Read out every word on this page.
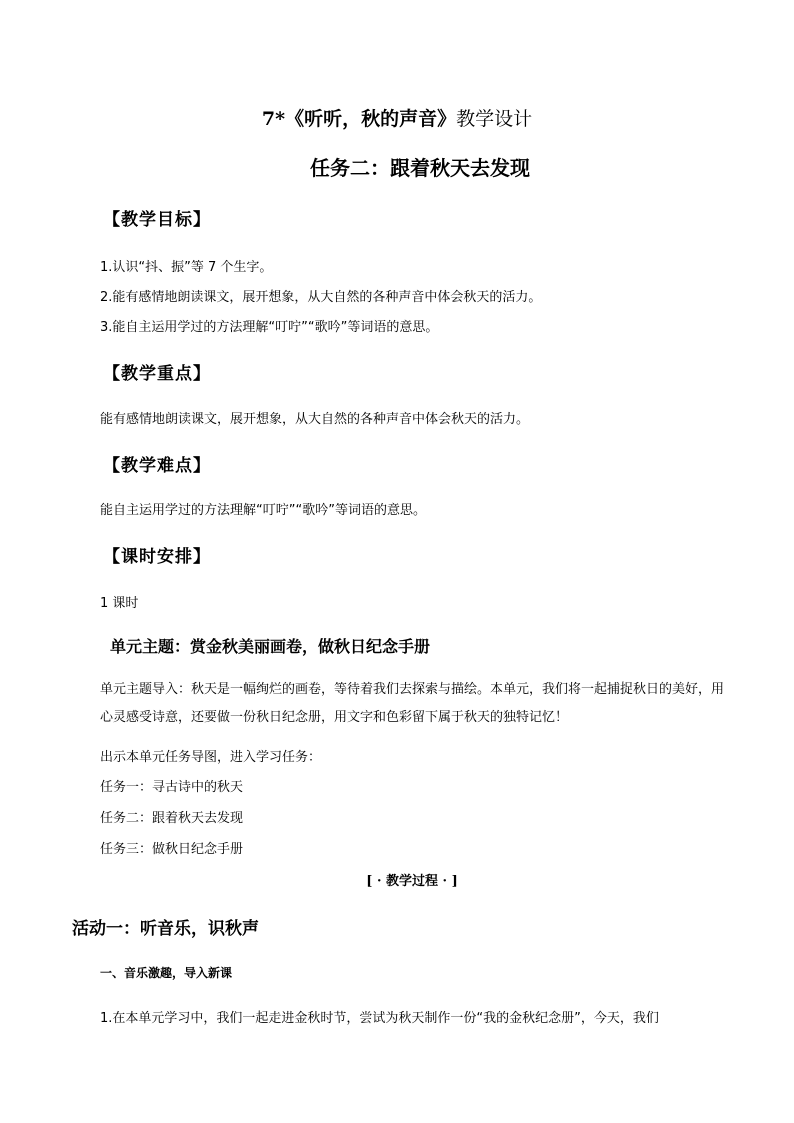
7*《听听，秋的声音》教学设计
任务二：跟着秋天去发现
【教学目标】
1.认识“抖、振”等 7 个生字。
2.能有感情地朗读课文，展开想象，从大自然的各种声音中体会秋天的活力。
3.能自主运用学过的方法理解“叮咛”“歌吟”等词语的意思。
【教学重点】
能有感情地朗读课文，展开想象，从大自然的各种声音中体会秋天的活力。
【教学难点】
能自主运用学过的方法理解“叮咛”“歌吟”等词语的意思。
【课时安排】
1 课时
单元主题：赏金秋美丽画卷，做秋日纪念手册
单元主题导入：秋天是一幅绚烂的画卷，等待着我们去探索与描绘。本单元，我们将一起捕捉秋日的美好，用心灵感受诗意，还要做一份秋日纪念册，用文字和色彩留下属于秋天的独特记忆！
出示本单元任务导图，进入学习任务：
任务一：寻古诗中的秋天
任务二：跟着秋天去发现
任务三：做秋日纪念手册
[ · 教学过程 · ]
活动一：听音乐，识秋声
一、音乐激趣，导入新课
1.在本单元学习中，我们一起走进金秋时节，尝试为秋天制作一份“我的金秋纪念册”，今天，我们
